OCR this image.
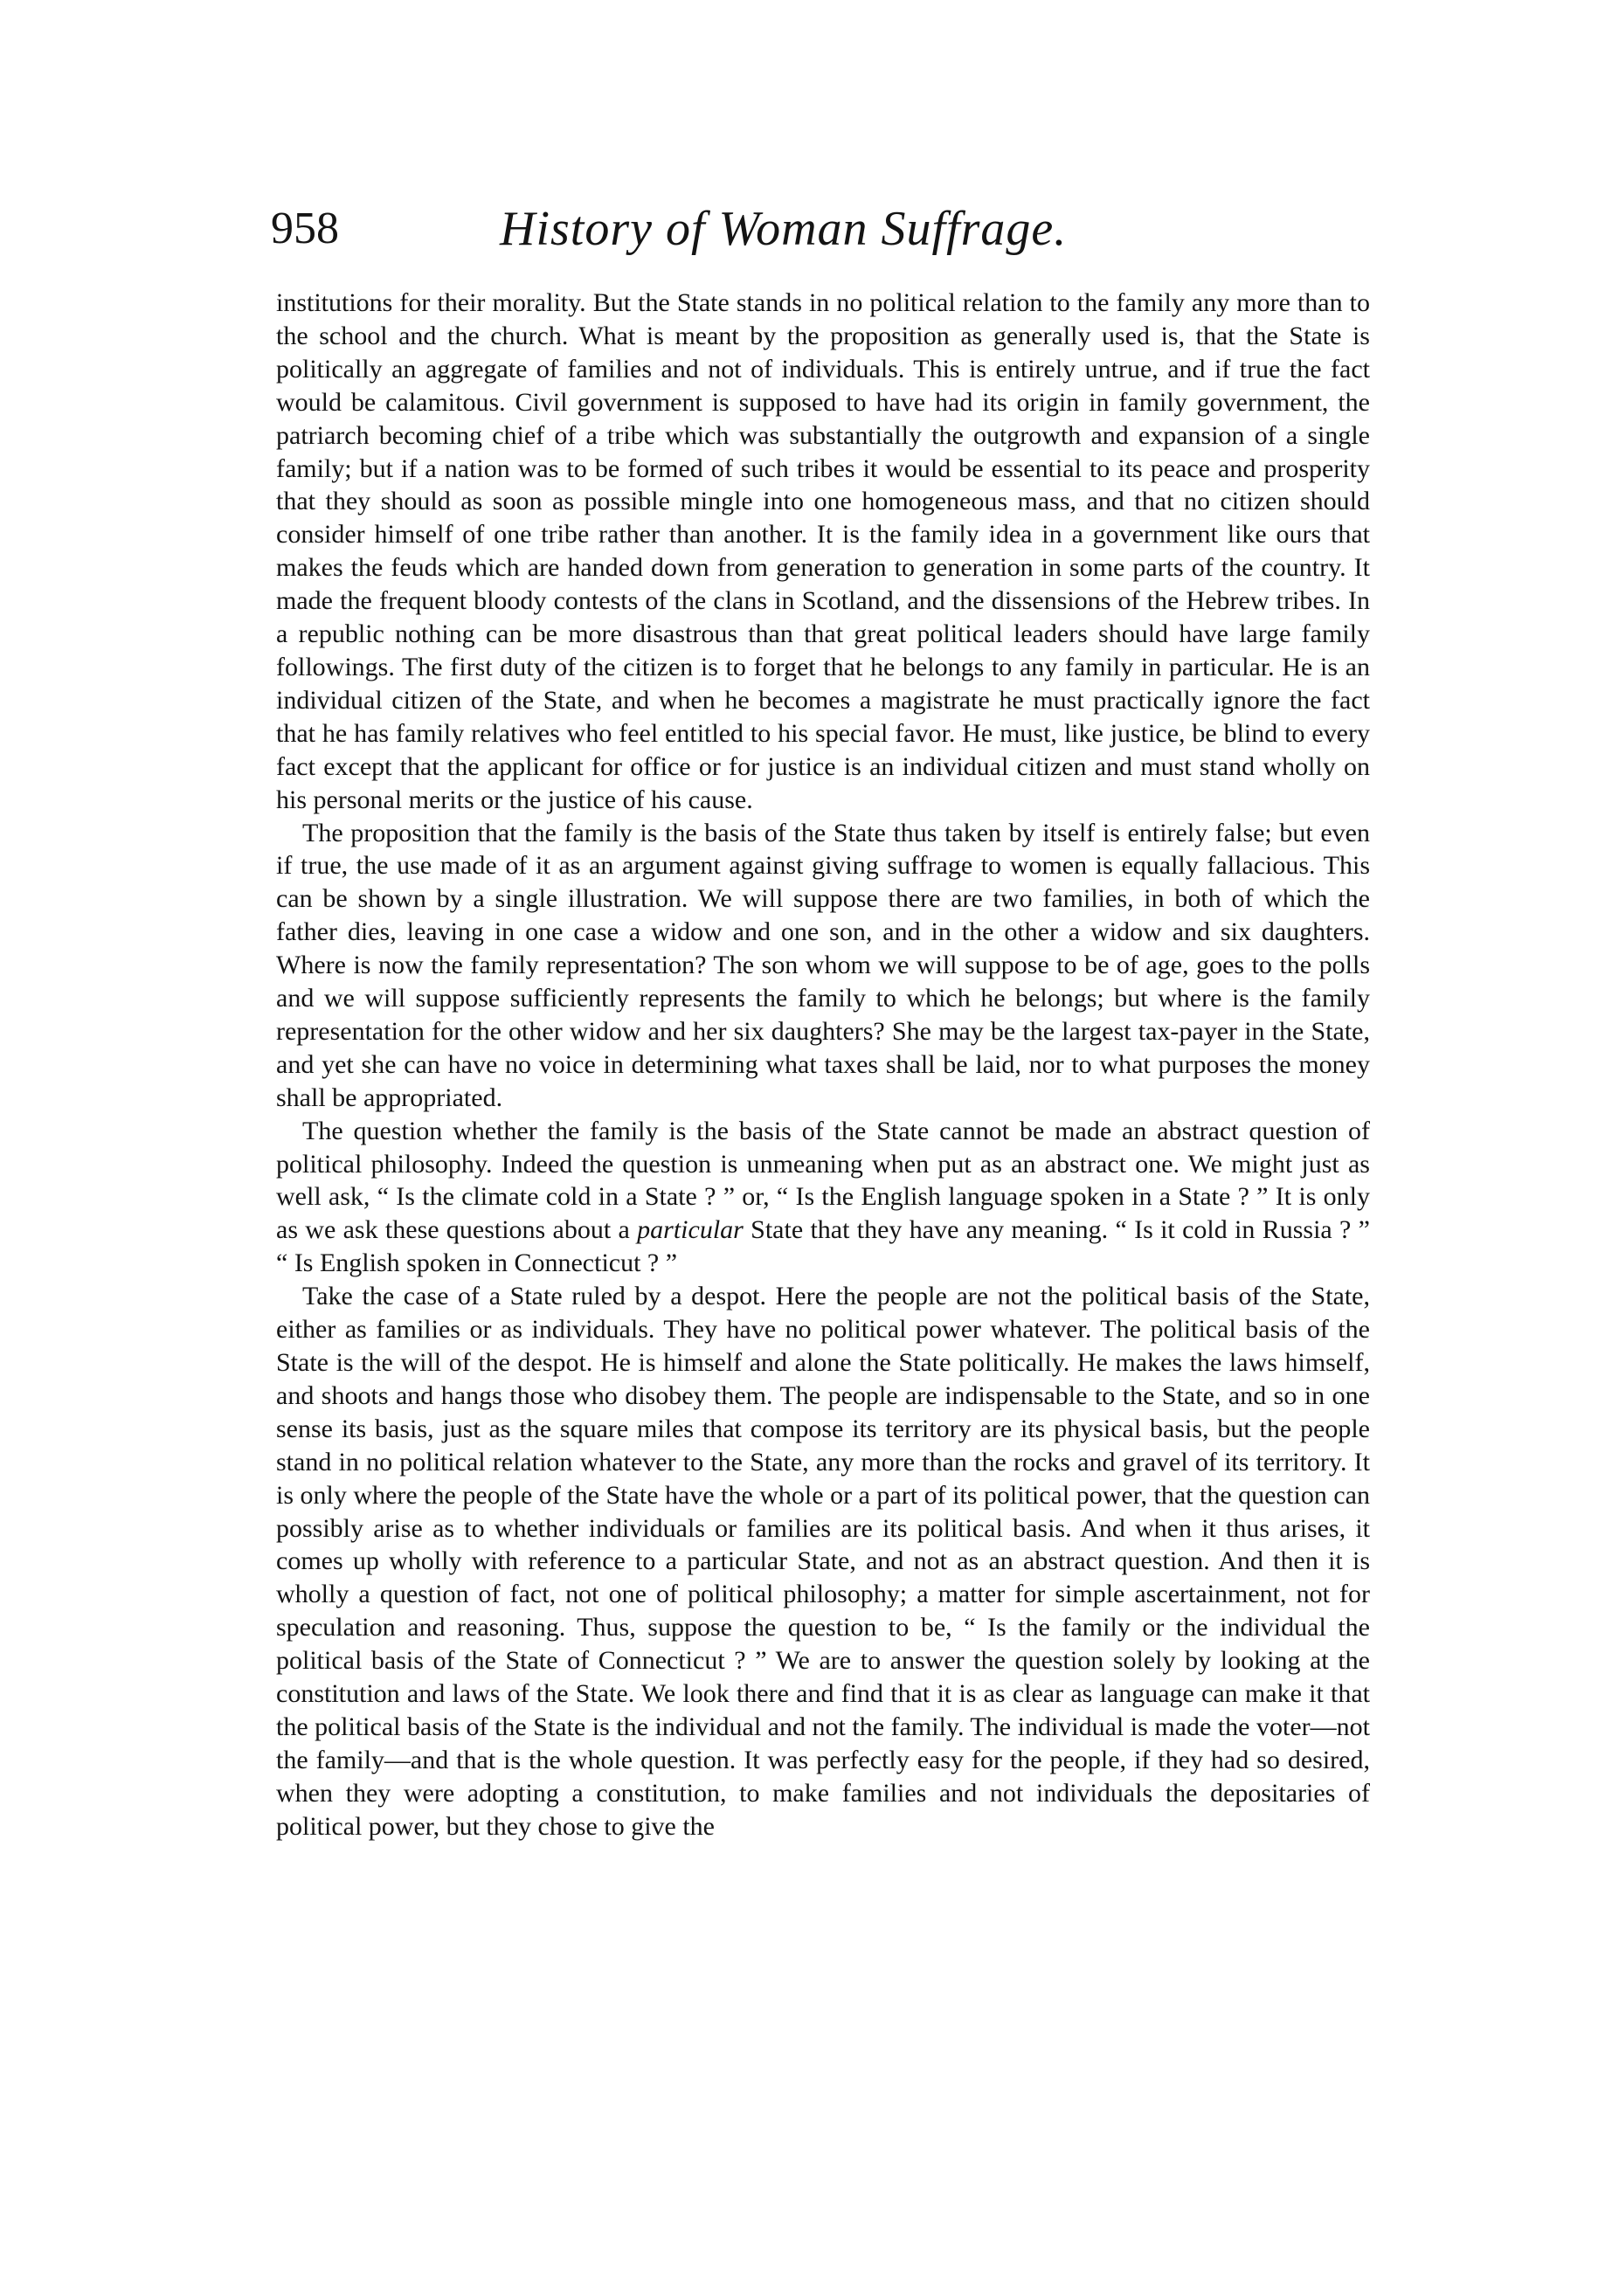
958	History of Woman Suffrage.

institutions for their morality. But the State stands in no political relation to the family any more than to the school and the church. What is meant by the proposition as generally used is, that the State is politically an aggregate of families and not of individuals. This is entirely untrue, and if true the fact would be calamitous. Civil government is supposed to have had its origin in family government, the patriarch becoming chief of a tribe which was substantially the outgrowth and expansion of a single family; but if a nation was to be formed of such tribes it would be essential to its peace and prosperity that they should as soon as possible mingle into one homogeneous mass, and that no citizen should consider himself of one tribe rather than another. It is the family idea in a government like ours that makes the feuds which are handed down from generation to generation in some parts of the country. It made the frequent bloody contests of the clans in Scotland, and the dissensions of the Hebrew tribes. In a republic nothing can be more disastrous than that great political leaders should have large family followings. The first duty of the citizen is to forget that he belongs to any family in particular. He is an individual citizen of the State, and when he becomes a magistrate he must practically ignore the fact that he has family relatives who feel entitled to his special favor. He must, like justice, be blind to every fact except that the applicant for office or for justice is an individual citizen and must stand wholly on his personal merits or the justice of his cause.

The proposition that the family is the basis of the State thus taken by itself is entirely false; but even if true, the use made of it as an argument against giving suffrage to women is equally fallacious. This can be shown by a single illustration. We will suppose there are two families, in both of which the father dies, leaving in one case a widow and one son, and in the other a widow and six daughters. Where is now the family representation? The son whom we will suppose to be of age, goes to the polls and we will suppose sufficiently represents the family to which he belongs; but where is the family representation for the other widow and her six daughters? She may be the largest tax-payer in the State, and yet she can have no voice in determining what taxes shall be laid, nor to what purposes the money shall be appropriated.

The question whether the family is the basis of the State cannot be made an abstract question of political philosophy. Indeed the question is unmeaning when put as an abstract one. We might just as well ask, “ Is the climate cold in a State ? ” or, “ Is the English language spoken in a State ? ” It is only as we ask these questions about a particular State that they have any meaning. “ Is it cold in Russia ? ” “ Is English spoken in Connecticut ? ”

Take the case of a State ruled by a despot. Here the people are not the political basis of the State, either as families or as individuals. They have no political power whatever. The political basis of the State is the will of the despot. He is himself and alone the State politically. He makes the laws himself, and shoots and hangs those who disobey them. The people are indispensable to the State, and so in one sense its basis, just as the square miles that compose its territory are its physical basis, but the people stand in no political relation whatever to the State, any more than the rocks and gravel of its territory. It is only where the people of the State have the whole or a part of its political power, that the question can possibly arise as to whether individuals or families are its political basis. And when it thus arises, it comes up wholly with reference to a particular State, and not as an abstract question. And then it is wholly a question of fact, not one of political philosophy; a matter for simple ascertainment, not for speculation and reasoning. Thus, suppose the question to be, “ Is the family or the individual the political basis of the State of Connecticut ? ” We are to answer the question solely by looking at the constitution and laws of the State. We look there and find that it is as clear as language can make it that the political basis of the State is the individual and not the family. The individual is made the voter—not the family—and that is the whole question. It was perfectly easy for the people, if they had so desired, when they were adopting a constitution, to make families and not individuals the depositaries of political power, but they chose to give the
